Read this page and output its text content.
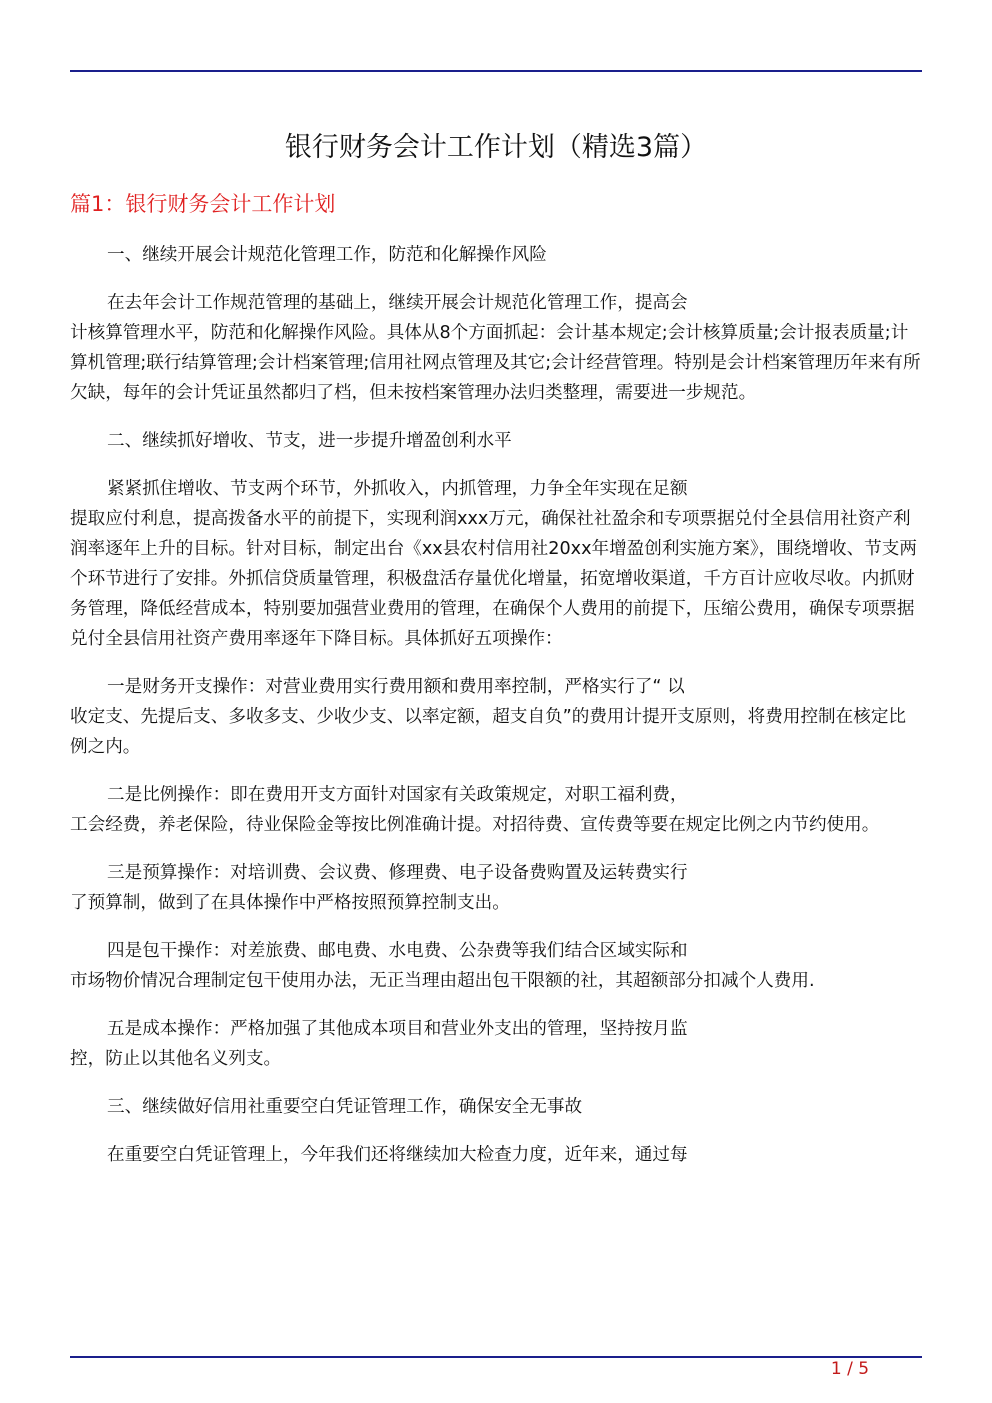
银行财务会计工作计划（精选3篇）
篇1：银行财务会计工作计划

一、继续开展会计规范化管理工作，防范和化解操作风险

在去年会计工作规范管理的基础上，继续开展会计规范化管理工作，提高会
计核算管理水平，防范和化解操作风险。具体从8个方面抓起：会计基本规定;会计核算质量;会计报表质量;计算机管理;联行结算管理;会计档案管理;信用社网点管理及其它;会计经营管理。特别是会计档案管理历年来有所欠缺，每年的会计凭证虽然都归了档，但未按档案管理办法归类整理，需要进一步规范。

二、继续抓好增收、节支，进一步提升增盈创利水平

紧紧抓住增收、节支两个环节，外抓收入，内抓管理，力争全年实现在足额
提取应付利息，提高拨备水平的前提下，实现利润xxx万元，确保社社盈余和专项票据兑付全县信用社资产利润率逐年上升的目标。针对目标，制定出台《xx县农村信用社20xx年增盈创利实施方案》，围绕增收、节支两个环节进行了安排。外抓信贷质量管理，积极盘活存量优化增量，拓宽增收渠道，千方百计应收尽收。内抓财务管理，降低经营成本，特别要加强营业费用的管理，在确保个人费用的前提下，压缩公费用，确保专项票据兑付全县信用社资产费用率逐年下降目标。具体抓好五项操作：

一是财务开支操作：对营业费用实行费用额和费用率控制，严格实行了“ 以
收定支、先提后支、多收多支、少收少支、以率定额，超支自负”的费用计提开支原则，将费用控制在核定比例之内。

二是比例操作：即在费用开支方面针对国家有关政策规定，对职工福利费，
工会经费，养老保险，待业保险金等按比例准确计提。对招待费、宣传费等要在规定比例之内节约使用。

三是预算操作：对培训费、会议费、修理费、电子设备费购置及运转费实行
了预算制，做到了在具体操作中严格按照预算控制支出。

四是包干操作：对差旅费、邮电费、水电费、公杂费等我们结合区域实际和
市场物价情况合理制定包干使用办法，无正当理由超出包干限额的社，其超额部分扣减个人费用.

五是成本操作：严格加强了其他成本项目和营业外支出的管理，坚持按月监
控，防止以其他名义列支。

三、继续做好信用社重要空白凭证管理工作，确保安全无事故

在重要空白凭证管理上，今年我们还将继续加大检查力度，近年来，通过每

1 / 5
